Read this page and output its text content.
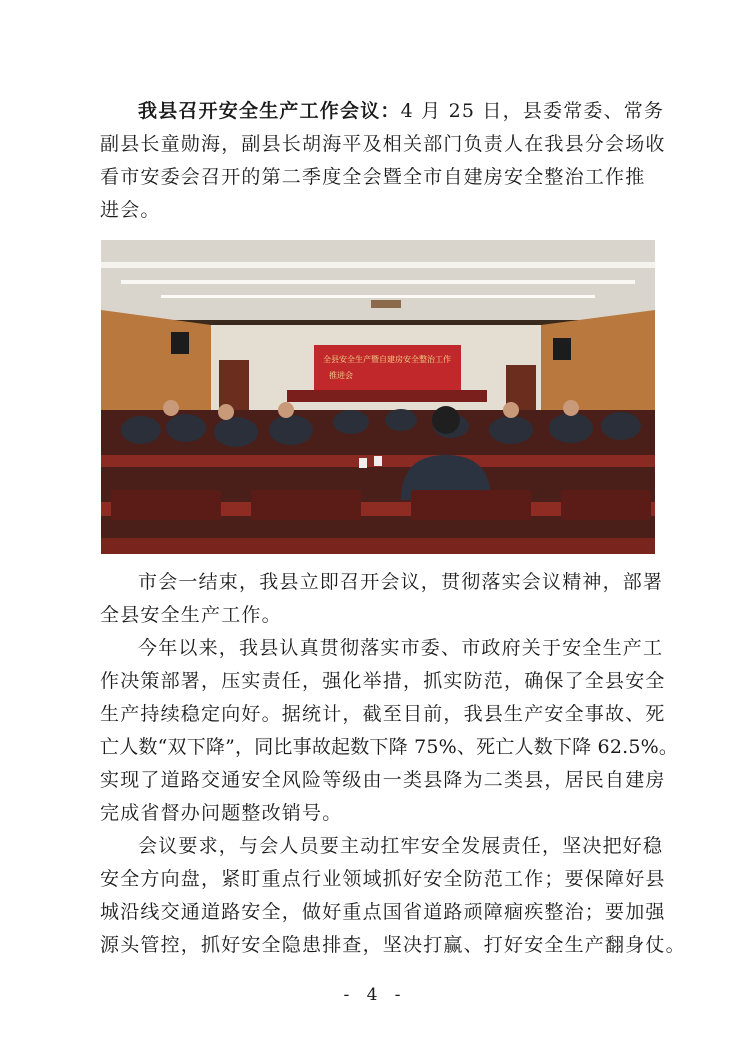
我县召开安全生产工作会议：4 月 25 日，县委常委、常务
副县长童勋海，副县长胡海平及相关部门负责人在我县分会场收
看市安委会召开的第二季度全会暨全市自建房安全整治工作推
进会。
全县安全生产暨自建房安全整治工作
推进会
市会一结束，我县立即召开会议，贯彻落实会议精神，部署
全县安全生产工作。
今年以来，我县认真贯彻落实市委、市政府关于安全生产工
作决策部署，压实责任，强化举措，抓实防范，确保了全县安全
生产持续稳定向好。据统计，截至目前，我县生产安全事故、死
亡人数“双下降”，同比事故起数下降 75%、死亡人数下降 62.5%。
实现了道路交通安全风险等级由一类县降为二类县，居民自建房
完成省督办问题整改销号。
会议要求，与会人员要主动扛牢安全发展责任，坚决把好稳
安全方向盘，紧盯重点行业领域抓好安全防范工作；要保障好县
城沿线交通道路安全，做好重点国省道路顽障痼疾整治；要加强
源头管控，抓好安全隐患排查，坚决打赢、打好安全生产翻身仗。
- 4 -
